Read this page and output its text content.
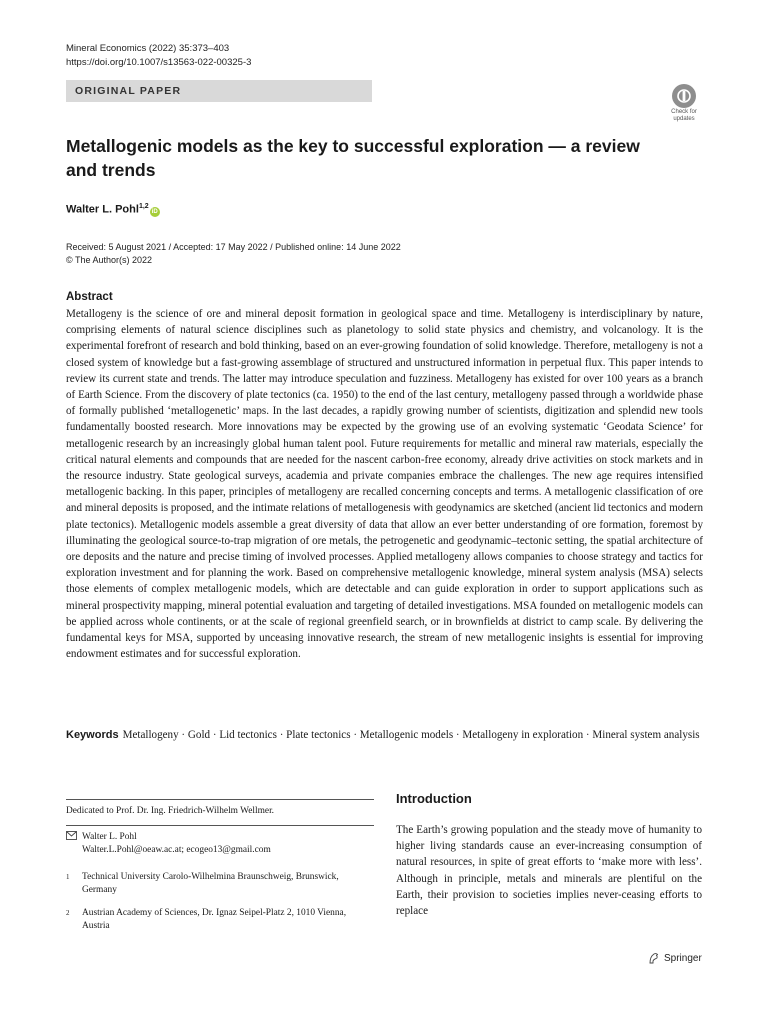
Mineral Economics (2022) 35:373–403
https://doi.org/10.1007/s13563-022-00325-3
ORIGINAL PAPER
Check for updates
Metallogenic models as the key to successful exploration — a review and trends
Walter L. Pohl$^{1,2}$iD
Received: 5 August 2021 / Accepted: 17 May 2022 / Published online: 14 June 2022
© The Author(s) 2022
Abstract

Metallogeny is the science of ore and mineral deposit formation in geological space and time. Metallogeny is interdisciplinary by nature, comprising elements of natural science disciplines such as planetology to solid state physics and chemistry, and volcanology. It is the experimental forefront of research and bold thinking, based on an ever-growing foundation of solid knowledge. Therefore, metallogeny is not a closed system of knowledge but a fast-growing assemblage of structured and unstructured information in perpetual flux. This paper intends to review its current state and trends. The latter may introduce speculation and fuzziness. Metallogeny has existed for over 100 years as a branch of Earth Science. From the discovery of plate tectonics (ca. 1950) to the end of the last century, metallogeny passed through a worldwide phase of formally published ‘metallogenetic’ maps. In the last decades, a rapidly growing number of scientists, digitization and splendid new tools fundamentally boosted research. More innovations may be expected by the growing use of an evolving systematic ‘Geodata Science’ for metallogenic research by an increasingly global human talent pool. Future requirements for metallic and mineral raw materials, especially the critical natural elements and compounds that are needed for the nascent carbon-free economy, already drive activities on stock markets and in the resource industry. State geological surveys, academia and private companies embrace the challenges. The new age requires intensified metallogenic backing. In this paper, principles of metallogeny are recalled concerning concepts and terms. A metallogenic classification of ore and mineral deposits is proposed, and the intimate relations of metallogenesis with geodynamics are sketched (ancient lid tectonics and modern plate tectonics). Metallogenic models assemble a great diversity of data that allow an ever better understanding of ore formation, foremost by illuminating the geological source-to-trap migration of ore metals, the petrogenetic and geodynamic–tectonic setting, the spatial architecture of ore deposits and the nature and precise timing of involved processes. Applied metallogeny allows companies to choose strategy and tactics for exploration investment and for planning the work. Based on comprehensive metallogenic knowledge, mineral system analysis (MSA) selects those elements of complex metallogenic models, which are detectable and can guide exploration in order to support applications such as mineral prospectivity mapping, mineral potential evaluation and targeting of detailed investigations. MSA founded on metallogenic models can be applied across whole continents, or at the scale of regional greenfield search, or in brownfields at district to camp scale. By delivering the fundamental keys for MSA, supported by unceasing innovative research, the stream of new metallogenic insights is essential for improving endowment estimates and for successful exploration.

Keywords Metallogeny · Gold · Lid tectonics · Plate tectonics · Metallogenic models · Metallogeny in exploration · Mineral system analysis

Dedicated to Prof. Dr. Ing. Friedrich-Wilhelm Wellmer.
Walter L. Pohl
Walter.L.Pohl@oeaw.ac.at; ecogeo13@gmail.com
1	Technical University Carolo-Wilhelmina Braunschweig, Brunswick, Germany
2	Austrian Academy of Sciences, Dr. Ignaz Seipel-Platz 2, 1010 Vienna, Austria
Introduction

The Earth’s growing population and the steady move of humanity to higher living standards cause an ever-increasing consumption of natural resources, in spite of great efforts to ‘make more with less’. Although in principle, metals and minerals are plentiful on the Earth, their provision to societies implies never-ceasing efforts to replace

Springer
